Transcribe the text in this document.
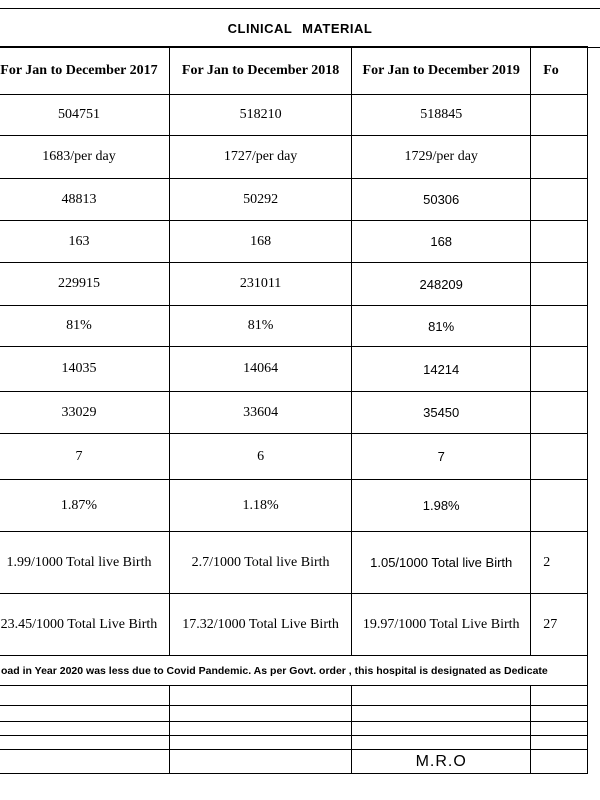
CLINICAL MATERIAL
For Jan to December 2017	For Jan to December 2018	For Jan to December 2019	Fo
504751	518210	518845	
1683/per day	1727/per day	1729/per day	
48813	50292	50306	
163	168	168	
229915	231011	248209	
81%	81%	81%	
14035	14064	14214	
33029	33604	35450	
7	6	7	
1.87%	1.18%	1.98%	
1.99/1000 Total live Birth	2.7/1000 Total live Birth	1.05/1000 Total live Birth	2
23.45/1000 Total Live Birth	17.32/1000 Total Live Birth	19.97/1000 Total Live Birth	27
oad in Year 2020 was less due to Covid Pandemic. As per Govt. order , this hospital is designated as Dedicate			

		M.R.O	
